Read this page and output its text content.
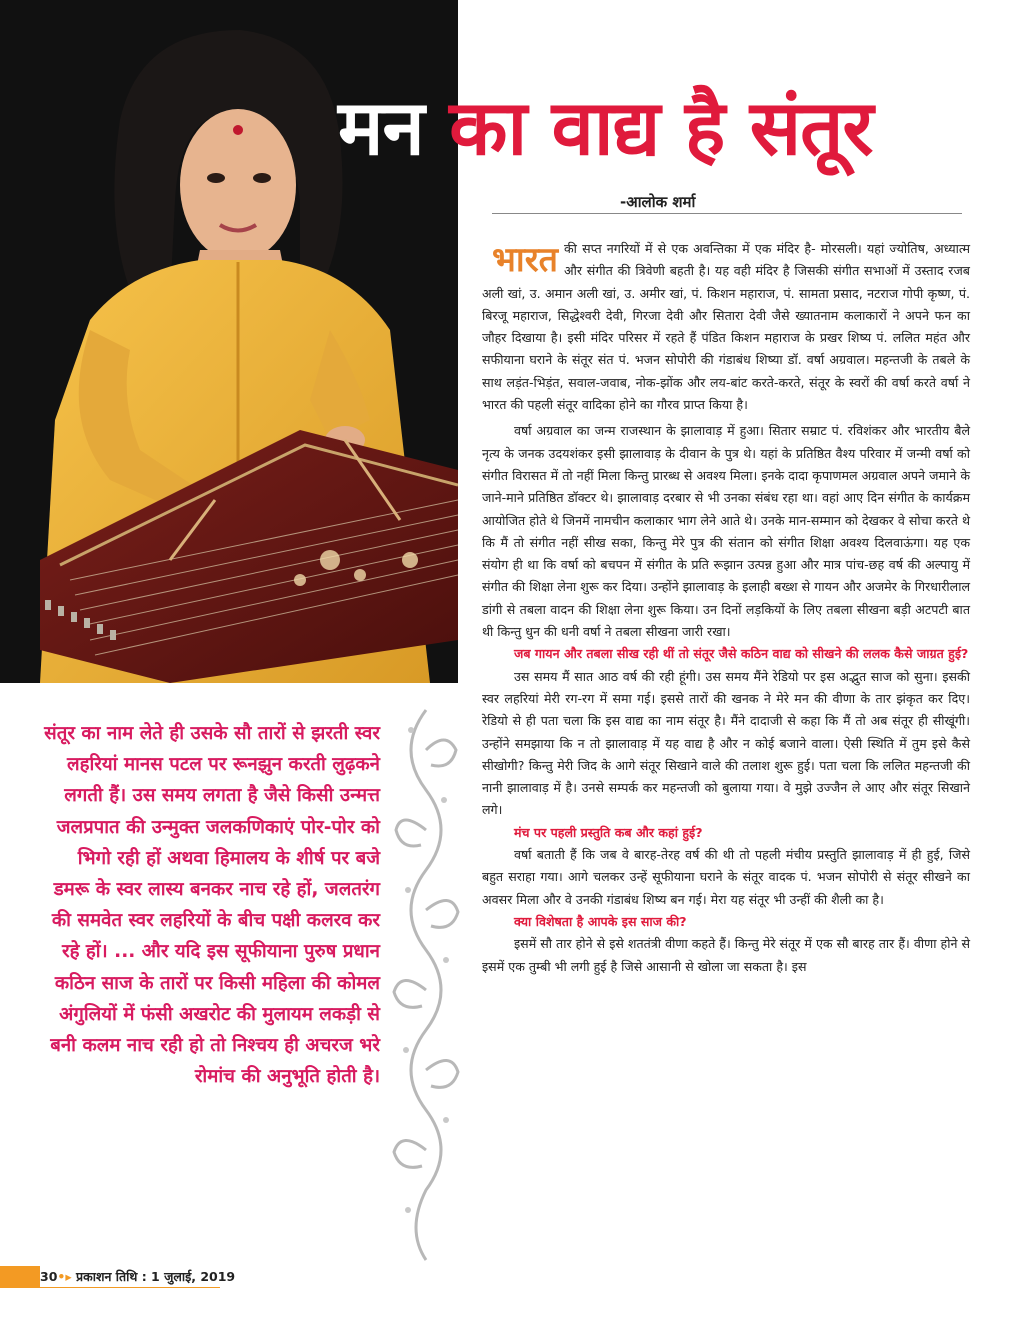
मन का वाद्य है संतूर
-आलोक शर्मा

भारत की सप्त नगरियों में से एक अवन्तिका में एक मंदिर है- मोरसली। यहां ज्योतिष, अध्यात्म और संगीत की त्रिवेणी बहती है। यह वही मंदिर है जिसकी संगीत सभाओं में उस्ताद रजब अली खां, उ. अमान अली खां, उ. अमीर खां, पं. किशन महाराज, पं. सामता प्रसाद, नटराज गोपी कृष्ण, पं. बिरजू महाराज, सिद्धेश्वरी देवी, गिरजा देवी और सितारा देवी जैसे ख्यातनाम कलाकारों ने अपने फन का जौहर दिखाया है। इसी मंदिर परिसर में रहते हैं पंडित किशन महाराज के प्रखर शिष्य पं. ललित महंत और सफीयाना घराने के संतूर संत पं. भजन सोपोरी की गंडाबंध शिष्या डॉ. वर्षा अग्रवाल। महन्तजी के तबले के साथ लड़ंत-भिड़ंत, सवाल-जवाब, नोक-झोंक और लय-बांट करते-करते, संतूर के स्वरों की वर्षा करते वर्षा ने भारत की पहली संतूर वादिका होने का गौरव प्राप्त किया है।

वर्षा अग्रवाल का जन्म राजस्थान के झालावाड़ में हुआ। सितार सम्राट पं. रविशंकर और भारतीय बैले नृत्य के जनक उदयशंकर इसी झालावाड़ के दीवान के पुत्र थे। यहां के प्रतिष्ठित वैश्य परिवार में जन्मी वर्षा को संगीत विरासत में तो नहीं मिला किन्तु प्रारब्ध से अवश्य मिला। इनके दादा कृपाणमल अग्रवाल अपने जमाने के जाने-माने प्रतिष्ठित डॉक्टर थे। झालावाड़ दरबार से भी उनका संबंध रहा था। वहां आए दिन संगीत के कार्यक्रम आयोजित होते थे जिनमें नामचीन कलाकार भाग लेने आते थे। उनके मान-सम्मान को देखकर वे सोचा करते थे कि मैं तो संगीत नहीं सीख सका, किन्तु मेरे पुत्र की संतान को संगीत शिक्षा अवश्य दिलवाऊंगा। यह एक संयोग ही था कि वर्षा को बचपन में संगीत के प्रति रूझान उत्पन्न हुआ और मात्र पांच-छह वर्ष की अल्पायु में संगीत की शिक्षा लेना शुरू कर दिया। उन्होंने झालावाड़ के इलाही बख्श से गायन और अजमेर के गिरधारीलाल डांगी से तबला वादन की शिक्षा लेना शुरू किया। उन दिनों लड़कियों के लिए तबला सीखना बड़ी अटपटी बात थी किन्तु धुन की धनी वर्षा ने तबला सीखना जारी रखा।

जब गायन और तबला सीख रही थीं तो संतूर जैसे कठिन वाद्य को सीखने की ललक कैसे जाग्रत हुई?

उस समय मैं सात आठ वर्ष की रही हूंगी। उस समय मैंने रेडियो पर इस अद्भुत साज को सुना। इसकी स्वर लहरियां मेरी रग-रग में समा गई। इससे तारों की खनक ने मेरे मन की वीणा के तार झंकृत कर दिए। रेडियो से ही पता चला कि इस वाद्य का नाम संतूर है। मैंने दादाजी से कहा कि मैं तो अब संतूर ही सीखूंगी। उन्होंने समझाया कि न तो झालावाड़ में यह वाद्य है और न कोई बजाने वाला। ऐसी स्थिति में तुम इसे कैसे सीखोगी? किन्तु मेरी जिद के आगे संतूर सिखाने वाले की तलाश शुरू हुई। पता चला कि ललित महन्तजी की नानी झालावाड़ में है। उनसे सम्पर्क कर महन्तजी को बुलाया गया। वे मुझे उज्जैन ले आए और संतूर सिखाने लगे।

मंच पर पहली प्रस्तुति कब और कहां हुई?

वर्षा बताती हैं कि जब वे बारह-तेरह वर्ष की थी तो पहली मंचीय प्रस्तुति झालावाड़ में ही हुई, जिसे बहुत सराहा गया। आगे चलकर उन्हें सूफीयाना घराने के संतूर वादक पं. भजन सोपोरी से संतूर सीखने का अवसर मिला और वे उनकी गंडाबंध शिष्य बन गई। मेरा यह संतूर भी उन्हीं की शैली का है।

क्या विशेषता है आपके इस साज की?

इसमें सौ तार होने से इसे शततंत्री वीणा कहते हैं। किन्तु मेरे संतूर में एक सौ बारह तार हैं। वीणा होने से इसमें एक तुम्बी भी लगी हुई है जिसे आसानी से खोला जा सकता है। इस

संतूर का नाम लेते ही उसके सौ तारों से झरती स्वर लहरियां मानस पटल पर रूनझुन करती लुढ़कने लगती हैं। उस समय लगता है जैसे किसी उन्मत्त जलप्रपात की उन्मुक्त जलकणिकाएं पोर-पोर को भिगो रही हों अथवा हिमालय के शीर्ष पर बजे डमरू के स्वर लास्य बनकर नाच रहे हों, जलतरंग की समवेत स्वर लहरियों के बीच पक्षी कलरव कर रहे हों। ... और यदि इस सूफीयाना पुरुष प्रधान कठिन साज के तारों पर किसी महिला की कोमल अंगुलियों में फंसी अखरोट की मुलायम लकड़ी से बनी कलम नाच रही हो तो निश्चय ही अचरज भरे रोमांच की अनुभूति होती है।
30•▸ प्रकाशन तिथि : 1 जुलाई, 2019
